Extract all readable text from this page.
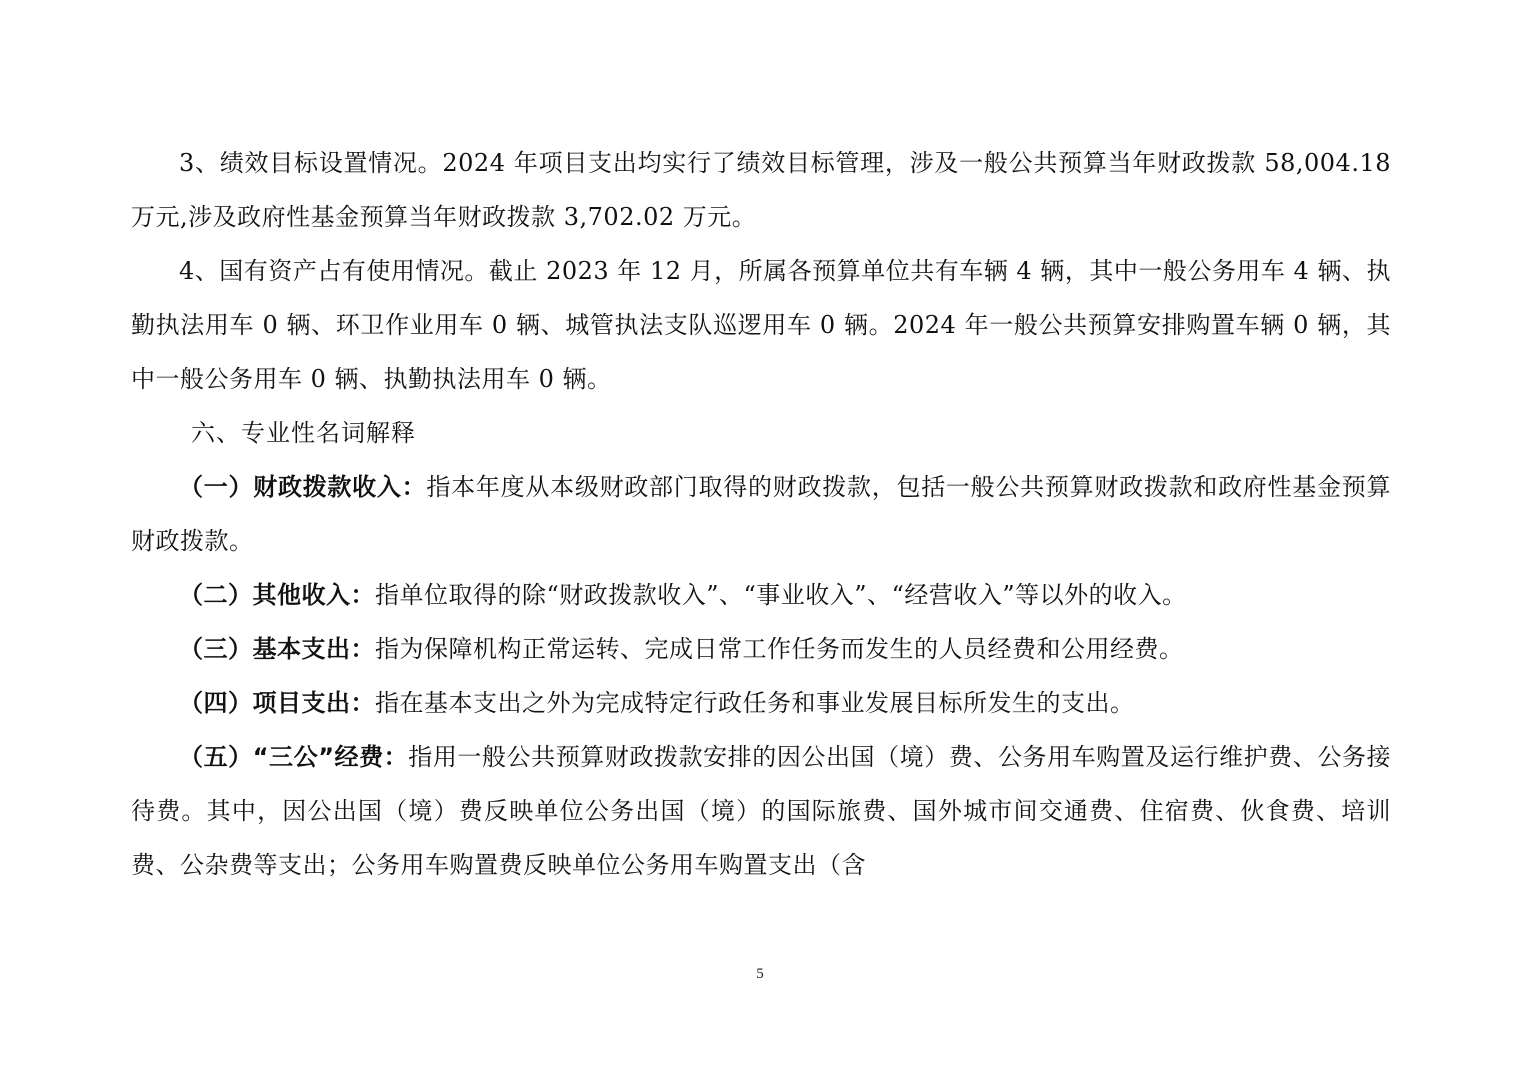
3、绩效目标设置情况。2024 年项目支出均实行了绩效目标管理，涉及一般公共预算当年财政拨款 58,004.18 万元,涉及政府性基金预算当年财政拨款 3,702.02 万元。

4、国有资产占有使用情况。截止 2023 年 12 月，所属各预算单位共有车辆 4 辆，其中一般公务用车 4 辆、执勤执法用车 0 辆、环卫作业用车 0 辆、城管执法支队巡逻用车 0 辆。2024 年一般公共预算安排购置车辆 0 辆，其中一般公务用车 0 辆、执勤执法用车 0 辆。

六、专业性名词解释

（一）财政拨款收入：指本年度从本级财政部门取得的财政拨款，包括一般公共预算财政拨款和政府性基金预算财政拨款。

（二）其他收入：指单位取得的除“财政拨款收入”、“事业收入”、“经营收入”等以外的收入。

（三）基本支出：指为保障机构正常运转、完成日常工作任务而发生的人员经费和公用经费。

（四）项目支出：指在基本支出之外为完成特定行政任务和事业发展目标所发生的支出。

（五）“三公”经费：指用一般公共预算财政拨款安排的因公出国（境）费、公务用车购置及运行维护费、公务接待费。其中，因公出国（境）费反映单位公务出国（境）的国际旅费、国外城市间交通费、住宿费、伙食费、培训费、公杂费等支出；公务用车购置费反映单位公务用车购置支出（含

5
